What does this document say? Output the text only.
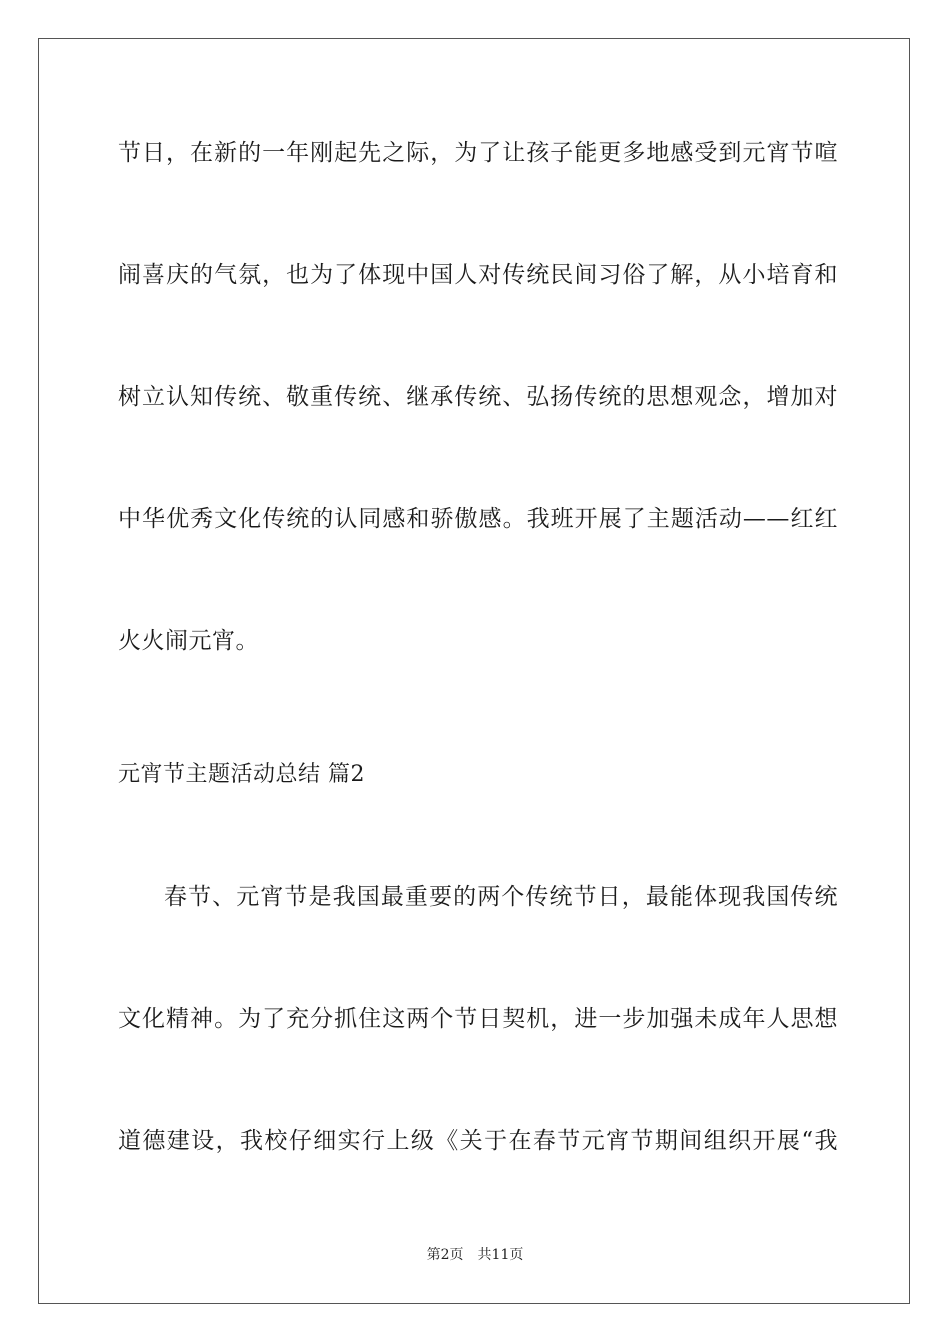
节日，在新的一年刚起先之际，为了让孩子能更多地感受到元宵节喧
闹喜庆的气氛，也为了体现中国人对传统民间习俗了解，从小培育和
树立认知传统、敬重传统、继承传统、弘扬传统的思想观念，增加对
中华优秀文化传统的认同感和骄傲感。我班开展了主题活动——红红
火火闹元宵。
元宵节主题活动总结 篇2
春节、元宵节是我国最重要的两个传统节日，最能体现我国传统
文化精神。为了充分抓住这两个节日契机，进一步加强未成年人思想
道德建设，我校仔细实行上级《关于在春节元宵节期间组织开展“我
第2页 共11页
